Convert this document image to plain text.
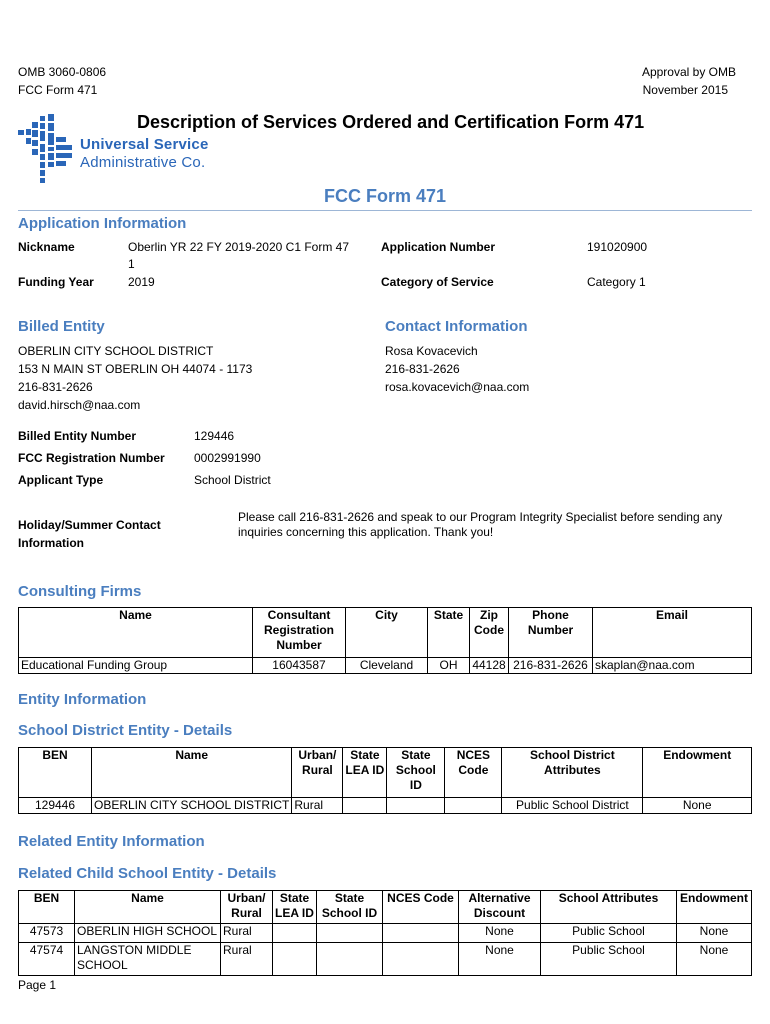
OMB 3060-0806
FCC Form 471
Approval by OMB
November 2015
Universal Service
Administrative Co.
Description of Services Ordered and Certification Form 471
FCC Form 471
Application Information
Nickname	Oberlin YR 22 FY 2019-2020 C1 Form 47
1
Application Number	191020900
Funding Year	2019	Category of Service	Category 1
Billed Entity	Contact Information
OBERLIN CITY SCHOOL DISTRICT
153 N MAIN ST OBERLIN OH 44074 - 1173
216-831-2626
david.hirsch@naa.com
Rosa Kovacevich
216-831-2626
rosa.kovacevich@naa.com
Billed Entity Number	129446
FCC Registration Number 0002991990
Applicant Type	School District
Holiday/Summer Contact
Information
Please call 216-831-2626 and speak to our Program Integrity Specialist before sending any
inquiries concerning this application. Thank you!
Consulting Firms
Name	Consultant Registration Number	City	State	Zip Code	Phone Number	Email
Educational Funding Group	16043587	Cleveland	OH	44128	216-831-2626	skaplan@naa.com
Entity Information
School District Entity - Details
BEN	Name	Urban/ Rural	State LEA ID	State School ID	NCES Code	School District Attributes	Endowment
129446	OBERLIN CITY SCHOOL DISTRICT	Rural				Public School District	None
Related Entity Information
Related Child School Entity - Details
BEN	Name	Urban/ Rural	State LEA ID	State School ID	NCES Code	Alternative Discount	School Attributes	Endowment
47573	OBERLIN HIGH SCHOOL	Rural				None	Public School	None
47574	LANGSTON MIDDLE SCHOOL	Rural				None	Public School	None
Page 1
